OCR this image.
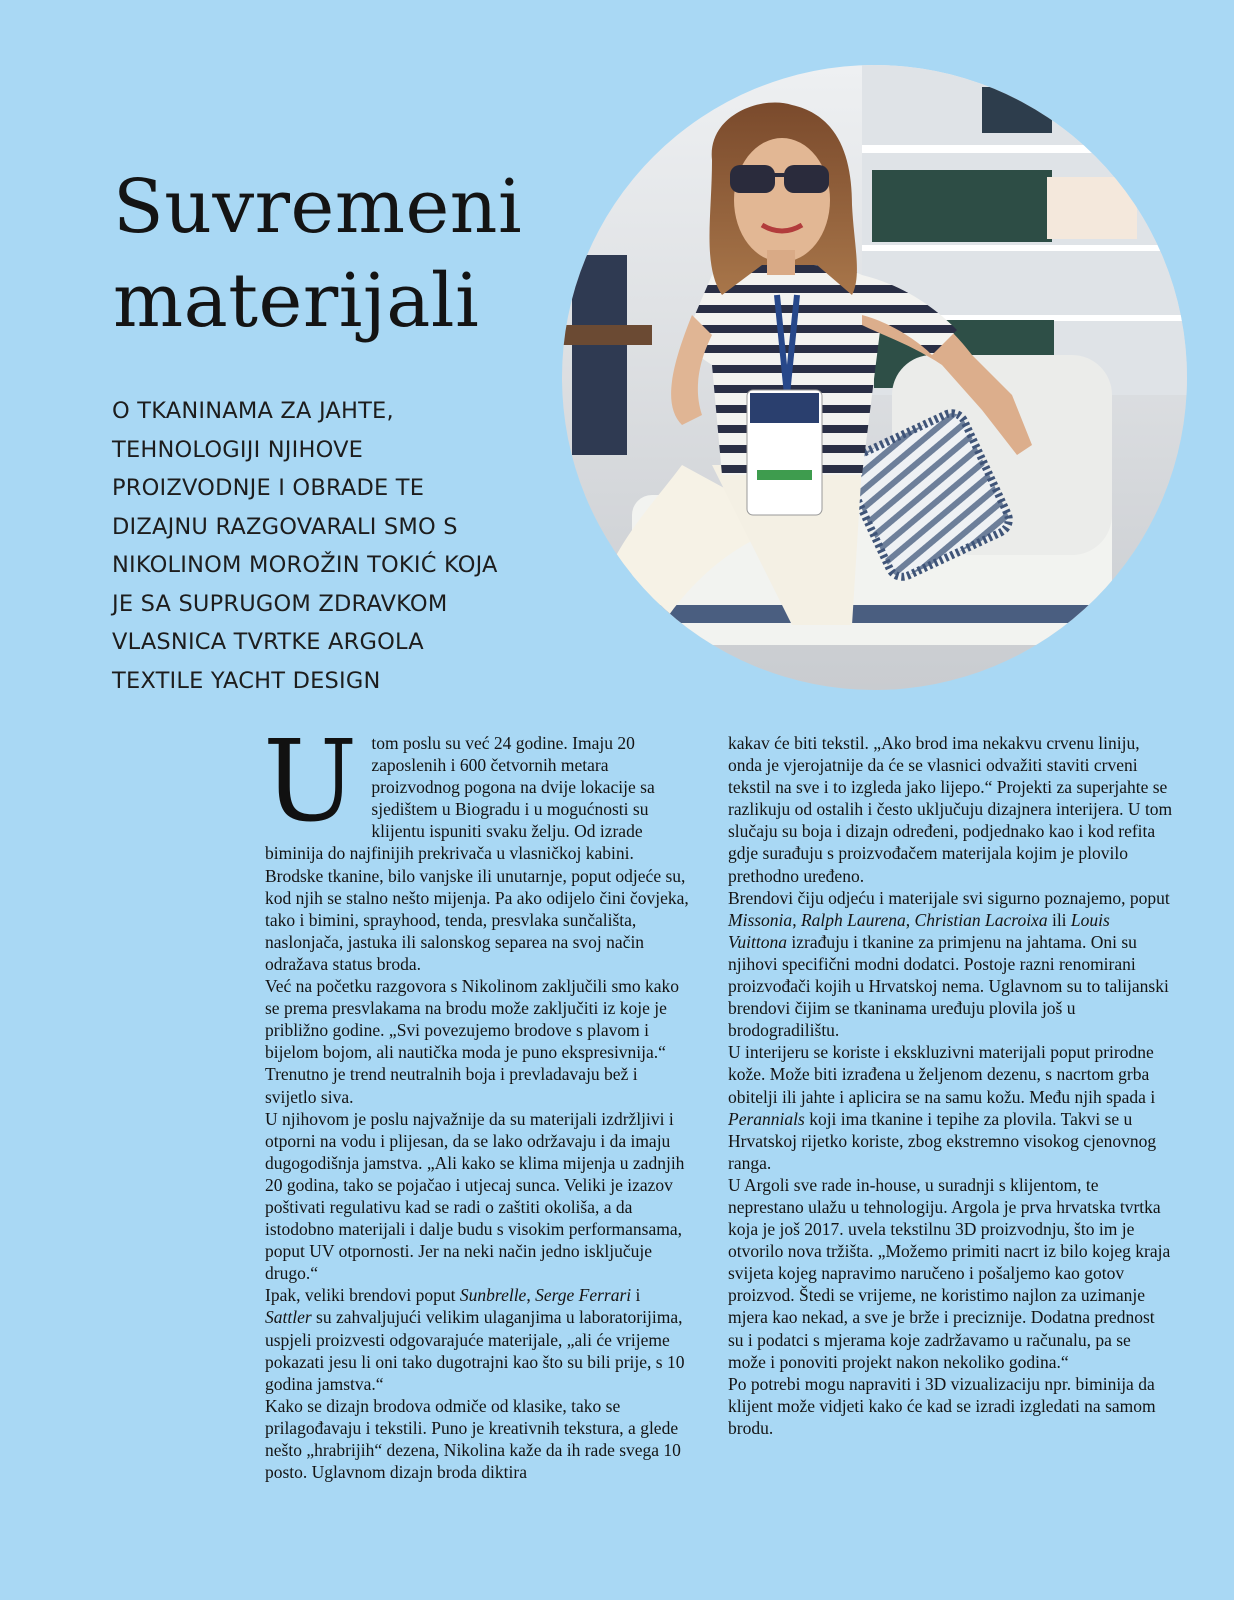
Suvremeni
materijali

O TKANINAMA ZA JAHTE,
TEHNOLOGIJI NJIHOVE
PROIZVODNJE I OBRADE TE
DIZAJNU RAZGOVARALI SMO S
NIKOLINOM MOROŽIN TOKIĆ KOJA
JE SA SUPRUGOM ZDRAVKOM
VLASNICA TVRTKE ARGOLA
TEXTILE YACHT DESIGN

U tom poslu su već 24 godine. Imaju 20 zaposlenih i 600 četvornih metara proizvodnog pogona na dvije lokacije sa sjedištem u Biogradu i u mogućnosti su klijentu ispuniti svaku želju. Od izrade biminija do najfinijih prekrivača u vlasničkoj kabini. Brodske tkanine, bilo vanjske ili unutarnje, poput odjeće su, kod njih se stalno nešto mijenja. Pa ako odijelo čini čovjeka, tako i bimini, sprayhood, tenda, presvlaka sunčališta, naslonjača, jastuka ili salonskog separea na svoj način odražava status broda.

Već na početku razgovora s Nikolinom zaključili smo kako se prema presvlakama na brodu može zaključiti iz koje je približno godine. „Svi povezujemo brodove s plavom i bijelom bojom, ali nautička moda je puno ekspresivnija.“ Trenutno je trend neutralnih boja i prevladavaju bež i svijetlo siva.

U njihovom je poslu najvažnije da su materijali izdržljivi i otporni na vodu i plijesan, da se lako održavaju i da imaju dugogodišnja jamstva. „Ali kako se klima mijenja u zadnjih 20 godina, tako se pojačao i utjecaj sunca. Veliki je izazov poštivati regulativu kad se radi o zaštiti okoliša, a da istodobno materijali i dalje budu s visokim performansama, poput UV otpornosti. Jer na neki način jedno isključuje drugo.“

Ipak, veliki brendovi poput Sunbrelle, Serge Ferrari i Sattler su zahvaljujući velikim ulaganjima u laboratorijima, uspjeli proizvesti odgovarajuće materijale, „ali će vrijeme pokazati jesu li oni tako dugotrajni kao što su bili prije, s 10 godina jamstva.“

Kako se dizajn brodova odmiče od klasike, tako se prilagođavaju i tekstili. Puno je kreativnih tekstura, a glede nešto „hrabrijih“ dezena, Nikolina kaže da ih rade svega 10 posto. Uglavnom dizajn broda diktira

kakav će biti tekstil. „Ako brod ima nekakvu crvenu liniju, onda je vjerojatnije da će se vlasnici odvažiti staviti crveni tekstil na sve i to izgleda jako lijepo.“ Projekti za superjahte se razlikuju od ostalih i često uključuju dizajnera interijera. U tom slučaju su boja i dizajn određeni, podjednako kao i kod refita gdje surađuju s proizvođačem materijala kojim je plovilo prethodno uređeno.

Brendovi čiju odjeću i materijale svi sigurno poznajemo, poput Missonia, Ralph Laurena, Christian Lacroixa ili Louis Vuittona izrađuju i tkanine za primjenu na jahtama. Oni su njihovi specifični modni dodatci. Postoje razni renomirani proizvođači kojih u Hrvatskoj nema. Uglavnom su to talijanski brendovi čijim se tkaninama uređuju plovila još u brodogradilištu.

U interijeru se koriste i ekskluzivni materijali poput prirodne kože. Može biti izrađena u željenom dezenu, s nacrtom grba obitelji ili jahte i aplicira se na samu kožu. Među njih spada i Perannials koji ima tkanine i tepihe za plovila. Takvi se u Hrvatskoj rijetko koriste, zbog ekstremno visokog cjenovnog ranga.

U Argoli sve rade in-house, u suradnji s klijentom, te neprestano ulažu u tehnologiju. Argola je prva hrvatska tvrtka koja je još 2017. uvela tekstilnu 3D proizvodnju, što im je otvorilo nova tržišta. „Možemo primiti nacrt iz bilo kojeg kraja svijeta kojeg napravimo naručeno i pošaljemo kao gotov proizvod. Štedi se vrijeme, ne koristimo najlon za uzimanje mjera kao nekad, a sve je brže i preciznije. Dodatna prednost su i podatci s mjerama koje zadržavamo u računalu, pa se može i ponoviti projekt nakon nekoliko godina.“

Po potrebi mogu napraviti i 3D vizualizaciju npr. biminija da klijent može vidjeti kako će kad se izradi izgledati na samom brodu.
